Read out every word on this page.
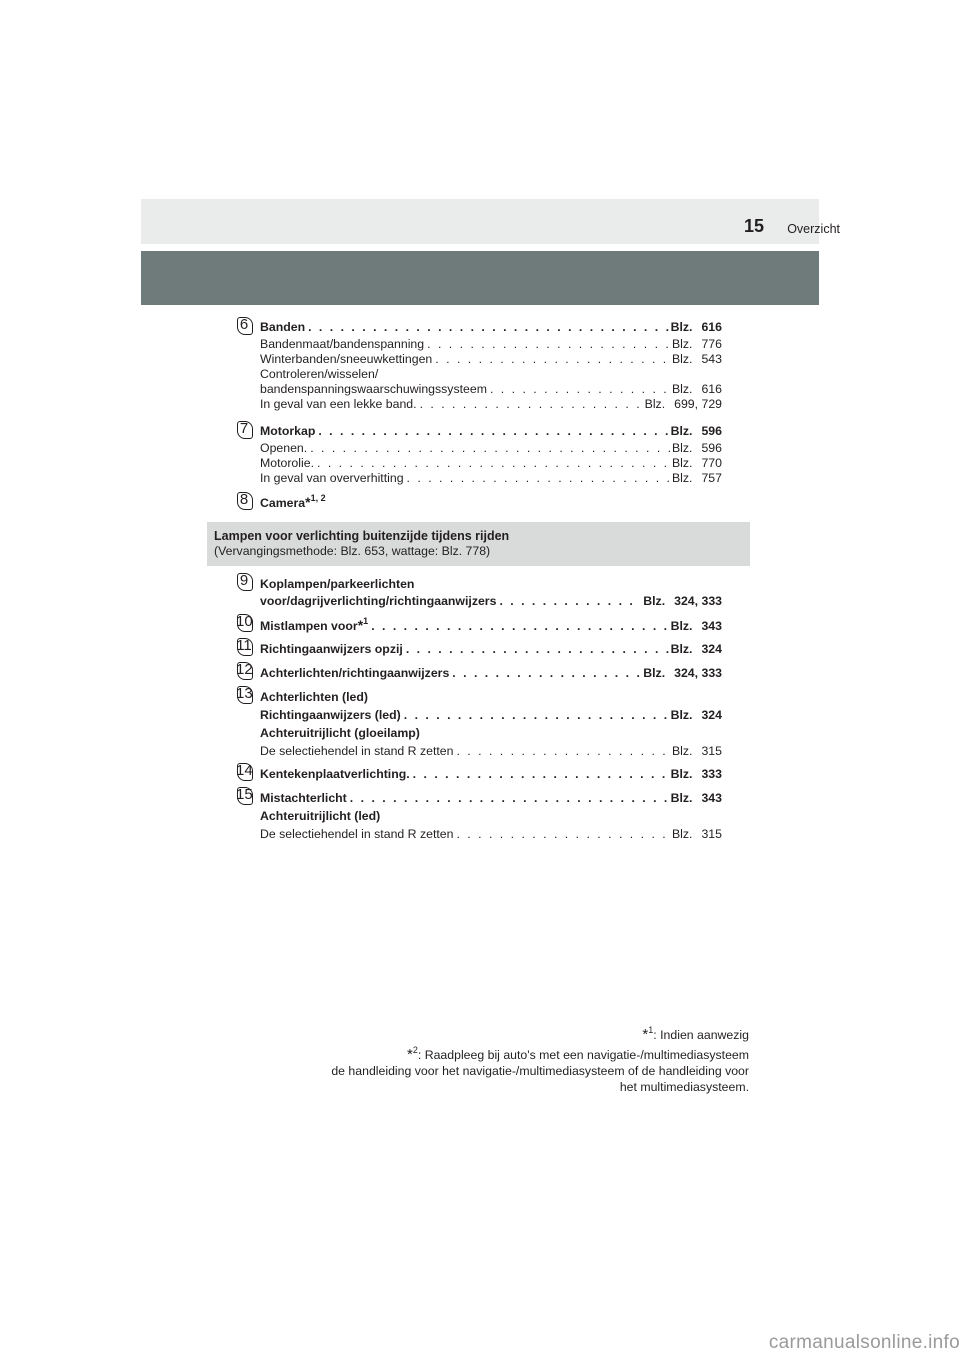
Overzicht
15
6 Banden . . .	Blz. 616
Bandenmaat/bandenspanning . . .	Blz. 776
Winterbanden/sneeuwkettingen . . .	Blz. 543
Controleren/wisselen/
bandenspanningswaarschuwingssysteem . . .	Blz. 616
In geval van een lekke band. . . .	Blz. 699, 729
7 Motorkap . . .	Blz. 596
Openen. . . .	Blz. 596
Motorolie. . . .	Blz. 770
In geval van oververhitting . . .	Blz. 757
8 Camera*$^{1, 2}$
Lampen voor verlichting buitenzijde tijdens rijden
(Vervangingsmethode: Blz. 653, wattage: Blz. 778)
9 Koplampen/parkeerlichten
voor/dagrijverlichting/richtingaanwijzers . . .	Blz. 324, 333
10 Mistlampen voor*$^1$ . . .	Blz. 343
11 Richtingaanwijzers opzij . . .	Blz. 324
12 Achterlichten/richtingaanwijzers . . .	Blz. 324, 333
13 Achterlichten (led)
Richtingaanwijzers (led) . . .	Blz. 324
Achteruitrijlicht (gloeilamp)
De selectiehendel in stand R zetten . . .	Blz. 315
14 Kentekenplaatverlichting. . . .	Blz. 333
15 Mistachterlicht . . .	Blz. 343
Achteruitrijlicht (led)
De selectiehendel in stand R zetten . . .	Blz. 315
*$^1$: Indien aanwezig
*$^2$: Raadpleeg bij auto's met een navigatie-/multimediasysteem
de handleiding voor het navigatie-/multimediasysteem of de handleiding voor
het multimediasysteem.
carmanualsonline.info
